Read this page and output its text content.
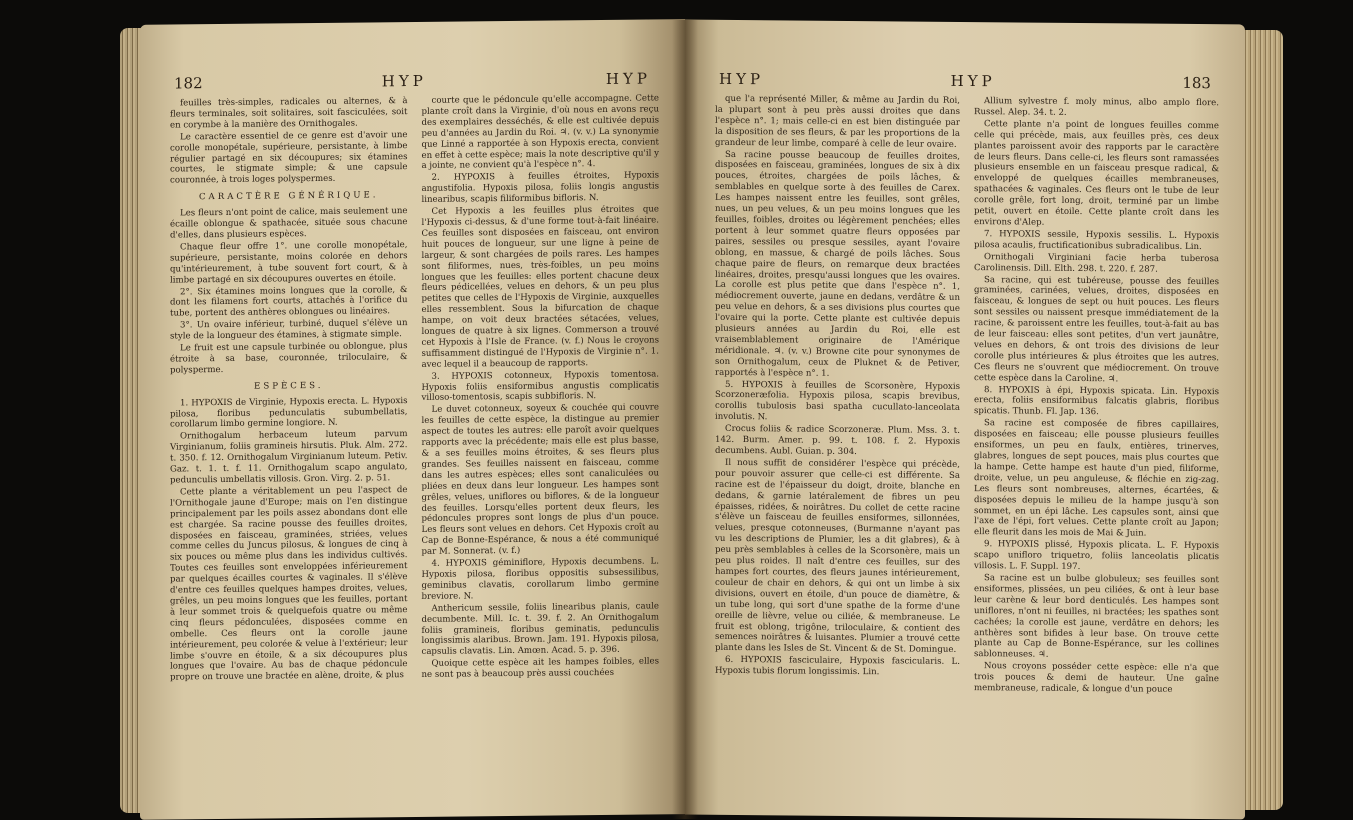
182	HYP	HYP

feuilles très-simples, radicales ou alternes, & à fleurs terminales, soit solitaires, soit fasciculées, soit en corymbe à la manière des Ornithogales.

Le caractère essentiel de ce genre est d'avoir une corolle monopétale, supérieure, persistante, à limbe régulier partagé en six découpures; six étamines courtes, le stigmate simple; & une capsule couronnée, à trois loges polyspermes.

CARACTÈRE GÉNÉRIQUE.

Les fleurs n'ont point de calice, mais seulement une écaille oblongue & spathacée, située sous chacune d'elles, dans plusieurs espèces.

Chaque fleur offre 1°. une corolle monopétale, supérieure, persistante, moins colorée en dehors qu'intérieurement, à tube souvent fort court, & à limbe partagé en six découpures ouvertes en étoile.

2°. Six étamines moins longues que la corolle, & dont les filamens fort courts, attachés à l'orifice du tube, portent des anthères oblongues ou linéaires.

3°. Un ovaire inférieur, turbiné, duquel s'élève un style de la longueur des étamines, à stigmate simple.

Le fruit est une capsule turbinée ou oblongue, plus étroite à sa base, couronnée, triloculaire, & polysperme.

ESPÈCES.

1. HYPOXIS de Virginie, Hypoxis erecta. L. Hypoxis pilosa, floribus pedunculatis subumbellatis, corollarum limbo germine longiore. N.

Ornithogalum herbaceum luteum parvum Virginianum, foliis gramineis hirsutis. Pluk. Alm. 272. t. 350. f. 12. Ornithogalum Virginianum luteum. Petiv. Gaz. t. 1. t. f. 11. Ornithogalum scapo angulato, pedunculis umbellatis villosis. Gron. Virg. 2. p. 51.

Cette plante a véritablement un peu l'aspect de l'Ornithogale jaune d'Europe; mais on l'en distingue principalement par les poils assez abondans dont elle est chargée. Sa racine pousse des feuilles droites, disposées en faisceau, graminées, striées, velues comme celles du Juncus pilosus, & longues de cinq à six pouces ou même plus dans les individus cultivés. Toutes ces feuilles sont enveloppées inférieurement par quelques écailles courtes & vaginales. Il s'élève d'entre ces feuilles quelques hampes droites, velues, grêles, un peu moins longues que les feuilles, portant à leur sommet trois & quelquefois quatre ou même cinq fleurs pédonculées, disposées comme en ombelle. Ces fleurs ont la corolle jaune intérieurement, peu colorée & velue à l'extérieur; leur limbe s'ouvre en étoile, & a six découpures plus longues que l'ovaire. Au bas de chaque pédoncule propre on trouve une bractée en alène, droite, & plus

courte que le pédoncule qu'elle accompagne. Cette plante croît dans la Virginie, d'où nous en avons reçu des exemplaires desséchés, & elle est cultivée depuis peu d'années au Jardin du Roi. ♃. (v. v.) La synonymie que Linné a rapportée à son Hypoxis erecta, convient en effet à cette espèce; mais la note descriptive qu'il y a jointe, ne convient qu'à l'espèce n°. 4.

2. HYPOXIS à feuilles étroites, Hypoxis angustifolia. Hypoxis pilosa, foliis longis angustis linearibus, scapis filiformibus bifloris. N.

Cet Hypoxis a les feuilles plus étroites que l'Hypoxis ci-dessus, & d'une forme tout-à-fait linéaire. Ces feuilles sont disposées en faisceau, ont environ huit pouces de longueur, sur une ligne à peine de largeur, & sont chargées de poils rares. Les hampes sont filiformes, nues, très-foibles, un peu moins longues que les feuilles: elles portent chacune deux fleurs pédicellées, velues en dehors, & un peu plus petites que celles de l'Hypoxis de Virginie, auxquelles elles ressemblent. Sous la bifurcation de chaque hampe, on voit deux bractées sétacées, velues, longues de quatre à six lignes. Commerson a trouvé cet Hypoxis à l'Isle de France. (v. f.) Nous le croyons suffisamment distingué de l'Hypoxis de Virginie n°. 1. avec lequel il a beaucoup de rapports.

3. HYPOXIS cotonneux, Hypoxis tomentosa. Hypoxis foliis ensiformibus angustis complicatis villoso-tomentosis, scapis subbifloris. N.

Le duvet cotonneux, soyeux & couchée qui couvre les feuilles de cette espèce, la distingue au premier aspect de toutes les autres: elle paroît avoir quelques rapports avec la précédente; mais elle est plus basse, & a ses feuilles moins étroites, & ses fleurs plus grandes. Ses feuilles naissent en faisceau, comme dans les autres espèces; elles sont canaliculées ou pliées en deux dans leur longueur. Les hampes sont grêles, velues, uniflores ou biflores, & de la longueur des feuilles. Lorsqu'elles portent deux fleurs, les pédoncules propres sont longs de plus d'un pouce. Les fleurs sont velues en dehors. Cet Hypoxis croît au Cap de Bonne-Espérance, & nous a été communiqué par M. Sonnerat. (v. f.)

4. HYPOXIS géminiflore, Hypoxis decumbens. L. Hypoxis pilosa, floribus oppositis subsessilibus, geminibus clavatis, corollarum limbo germine breviore. N.

Anthericum sessile, foliis linearibus planis, caule decumbente. Mill. Ic. t. 39. f. 2. An Ornithogalum foliis gramineis, floribus geminatis, pedunculis longissimis alaribus. Brown. Jam. 191. Hypoxis pilosa, capsulis clavatis. Lin. Amœn. Acad. 5. p. 396.

Quoique cette espèce ait les hampes foibles, elles ne sont pas à beaucoup près aussi couchées

HYP	HYP	183

que l'a représenté Miller, & même au Jardin du Roi, la plupart sont à peu près aussi droites que dans l'espèce n°. 1; mais celle-ci en est bien distinguée par la disposition de ses fleurs, & par les proportions de la grandeur de leur limbe, comparé à celle de leur ovaire.

Sa racine pousse beaucoup de feuilles droites, disposées en faisceau, graminées, longues de six à dix pouces, étroites, chargées de poils lâches, & semblables en quelque sorte à des feuilles de Carex. Les hampes naissent entre les feuilles, sont grêles, nues, un peu velues, & un peu moins longues que les feuilles, foibles, droites ou légèrement penchées; elles portent à leur sommet quatre fleurs opposées par paires, sessiles ou presque sessiles, ayant l'ovaire oblong, en massue, & chargé de poils lâches. Sous chaque paire de fleurs, on remarque deux bractées linéaires, droites, presqu'aussi longues que les ovaires. La corolle est plus petite que dans l'espèce n°. 1, médiocrement ouverte, jaune en dedans, verdâtre & un peu velue en dehors, & a ses divisions plus courtes que l'ovaire qui la porte. Cette plante est cultivée depuis plusieurs années au Jardin du Roi, elle est vraisemblablement originaire de l'Amérique méridionale. ♃. (v. v.) Browne cite pour synonymes de son Ornithogalum, ceux de Pluknet & de Petiver, rapportés à l'espèce n°. 1.

5. HYPOXIS à feuilles de Scorsonère, Hypoxis Scorzoneræfolia. Hypoxis pilosa, scapis brevibus, corollis tubulosis basi spatha cucullato-lanceolata involutis. N.

Crocus foliis & radice Scorzoneræ. Plum. Mss. 3. t. 142. Burm. Amer. p. 99. t. 108. f. 2. Hypoxis decumbens. Aubl. Guian. p. 304.

Il nous suffit de considérer l'espèce qui précède, pour pouvoir assurer que celle-ci est différente. Sa racine est de l'épaisseur du doigt, droite, blanche en dedans, & garnie latéralement de fibres un peu épaisses, ridées, & noirâtres. Du collet de cette racine s'élève un faisceau de feuilles ensiformes, sillonnées, velues, presque cotonneuses, (Burmanne n'ayant pas vu les descriptions de Plumier, les a dit glabres), & à peu près semblables à celles de la Scorsonère, mais un peu plus roides. Il naît d'entre ces feuilles, sur des hampes fort courtes, des fleurs jaunes intérieurement, couleur de chair en dehors, & qui ont un limbe à six divisions, ouvert en étoile, d'un pouce de diamètre, & un tube long, qui sort d'une spathe de la forme d'une oreille de lièvre, velue ou ciliée, & membraneuse. Le fruit est oblong, trigône, triloculaire, & contient des semences noirâtres & luisantes. Plumier a trouvé cette plante dans les Isles de St. Vincent & de St. Domingue.

6. HYPOXIS fasciculaire, Hypoxis fascicularis. L. Hypoxis tubis florum longissimis. Lin.

Allium sylvestre f. moly minus, albo amplo flore. Russel. Alep. 34. t. 2.

Cette plante n'a point de longues feuilles comme celle qui précède, mais, aux feuilles près, ces deux plantes paroissent avoir des rapports par le caractère de leurs fleurs. Dans celle-ci, les fleurs sont ramassées plusieurs ensemble en un faisceau presque radical, & enveloppé de quelques écailles membraneuses, spathacées & vaginales. Ces fleurs ont le tube de leur corolle grêle, fort long, droit, terminé par un limbe petit, ouvert en étoile. Cette plante croît dans les environs d'Alep.

7. HYPOXIS sessile, Hypoxis sessilis. L. Hypoxis pilosa acaulis, fructificationibus subradicalibus. Lin.

Ornithogali Virginiani facie herba tuberosa Carolinensis. Dill. Elth. 298. t. 220. f. 287.

Sa racine, qui est tubéreuse, pousse des feuilles graminées, carinées, velues, droites, disposées en faisceau, & longues de sept ou huit pouces. Les fleurs sont sessiles ou naissent presque immédiatement de la racine, & paroissent entre les feuilles, tout-à-fait au bas de leur faisceau: elles sont petites, d'un vert jaunâtre, velues en dehors, & ont trois des divisions de leur corolle plus intérieures & plus étroites que les autres. Ces fleurs ne s'ouvrent que médiocrement. On trouve cette espèce dans la Caroline. ♃.

8. HYPOXIS à épi, Hypoxis spicata. Lin. Hypoxis erecta, foliis ensiformibus falcatis glabris, floribus spicatis. Thunb. Fl. Jap. 136.

Sa racine est composée de fibres capillaires, disposées en faisceau; elle pousse plusieurs feuilles ensiformes, un peu en faulx, entières, trinerves, glabres, longues de sept pouces, mais plus courtes que la hampe. Cette hampe est haute d'un pied, filiforme, droite, velue, un peu anguleuse, & fléchie en zig-zag. Les fleurs sont nombreuses, alternes, écartées, & disposées depuis le milieu de la hampe jusqu'à son sommet, en un épi lâche. Les capsules sont, ainsi que l'axe de l'épi, fort velues. Cette plante croît au Japon; elle fleurit dans les mois de Mai & Juin.

9. HYPOXIS plissé, Hypoxis plicata. L. F. Hypoxis scapo unifloro triquetro, foliis lanceolatis plicatis villosis. L. F. Suppl. 197.

Sa racine est un bulbe globuleux; ses feuilles sont ensiformes, plissées, un peu ciliées, & ont à leur base leur carène & leur bord denticulés. Les hampes sont uniflores, n'ont ni feuilles, ni bractées; les spathes sont cachées; la corolle est jaune, verdâtre en dehors; les anthères sont bifides à leur base. On trouve cette plante au Cap de Bonne-Espérance, sur les collines sablonneuses. ♃.

Nous croyons posséder cette espèce: elle n'a que trois pouces & demi de hauteur. Une gaîne membraneuse, radicale, & longue d'un pouce
